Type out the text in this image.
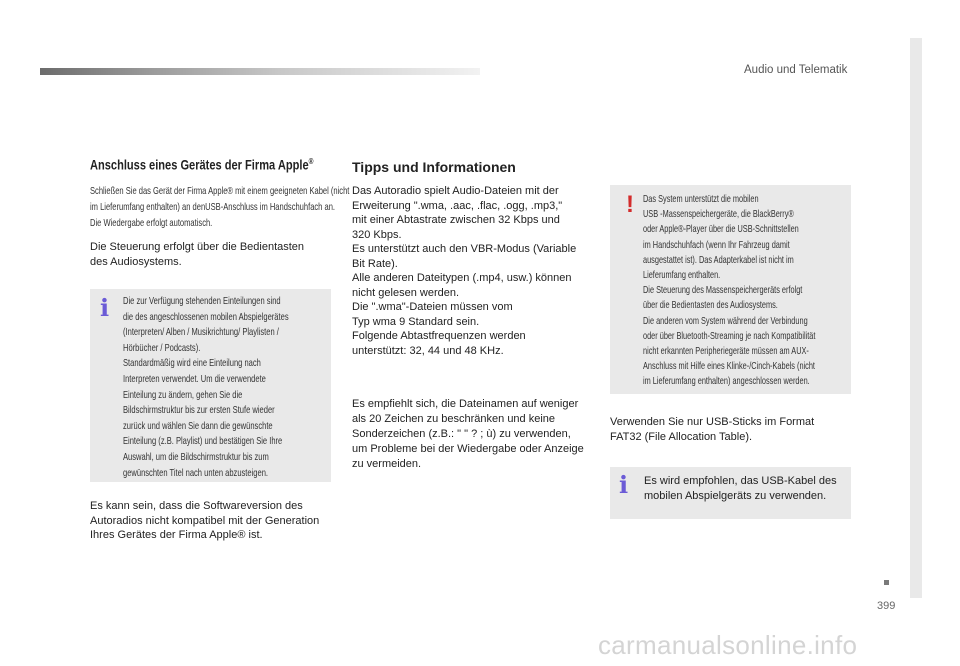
Audio und Telematik
399
Anschluss eines Gerätes der Firma Apple®
Schließen Sie das Gerät der Firma Apple® mit einem geeigneten Kabel (nicht
im Lieferumfang enthalten) an denUSB-Anschluss im Handschuhfach an.
Die Wiedergabe erfolgt automatisch.
Die Steuerung erfolgt über die Bedientasten
des Audiosystems.
ℹ Die zur Verfügung stehenden Einteilungen sind
die des angeschlossenen mobilen Abspielgerätes
(Interpreten/ Alben / Musikrichtung/ Playlisten /
Hörbücher / Podcasts).
Standardmäßig wird eine Einteilung nach
Interpreten verwendet. Um die verwendete
Einteilung zu ändern, gehen Sie die
Bildschirmstruktur bis zur ersten Stufe wieder
zurück und wählen Sie dann die gewünschte
Einteilung (z.B. Playlist) und bestätigen Sie Ihre
Auswahl, um die Bildschirmstruktur bis zum
gewünschten Titel nach unten abzusteigen.
Es kann sein, dass die Softwareversion des
Autoradios nicht kompatibel mit der Generation
Ihres Gerätes der Firma Apple® ist.
Tipps und Informationen
Das Autoradio spielt Audio-Dateien mit der
Erweiterung ".wma, .aac, .flac, .ogg, .mp3,"
mit einer Abtastrate zwischen 32 Kbps und
320 Kbps.
Es unterstützt auch den VBR-Modus (Variable
Bit Rate).
Alle anderen Dateitypen (.mp4, usw.) können
nicht gelesen werden.
Die ".wma"-Dateien müssen vom
Typ wma 9 Standard sein.
Folgende Abtastfrequenzen werden
unterstützt: 32, 44 und 48 KHz.
Es empfiehlt sich, die Dateinamen auf weniger
als 20 Zeichen zu beschränken und keine
Sonderzeichen (z.B.: " " ? ; ù) zu verwenden,
um Probleme bei der Wiedergabe oder Anzeige
zu vermeiden.
! Das System unterstützt die mobilen
USB -Massenspeichergeräte, die BlackBerry®
oder Apple®-Player über die USB-Schnittstellen
im Handschuhfach (wenn Ihr Fahrzeug damit
ausgestattet ist). Das Adapterkabel ist nicht im
Lieferumfang enthalten.
Die Steuerung des Massenspeichergeräts erfolgt
über die Bedientasten des Audiosystems.
Die anderen vom System während der Verbindung
oder über Bluetooth-Streaming je nach Kompatibilität
nicht erkannten Peripheriegeräte müssen am AUX-
Anschluss mit Hilfe eines Klinke-/Cinch-Kabels (nicht
im Lieferumfang enthalten) angeschlossen werden.
Verwenden Sie nur USB-Sticks im Format
FAT32 (File Allocation Table).
ℹ Es wird empfohlen, das USB-Kabel des
mobilen Abspielgeräts zu verwenden.
carmanualsonline.info
